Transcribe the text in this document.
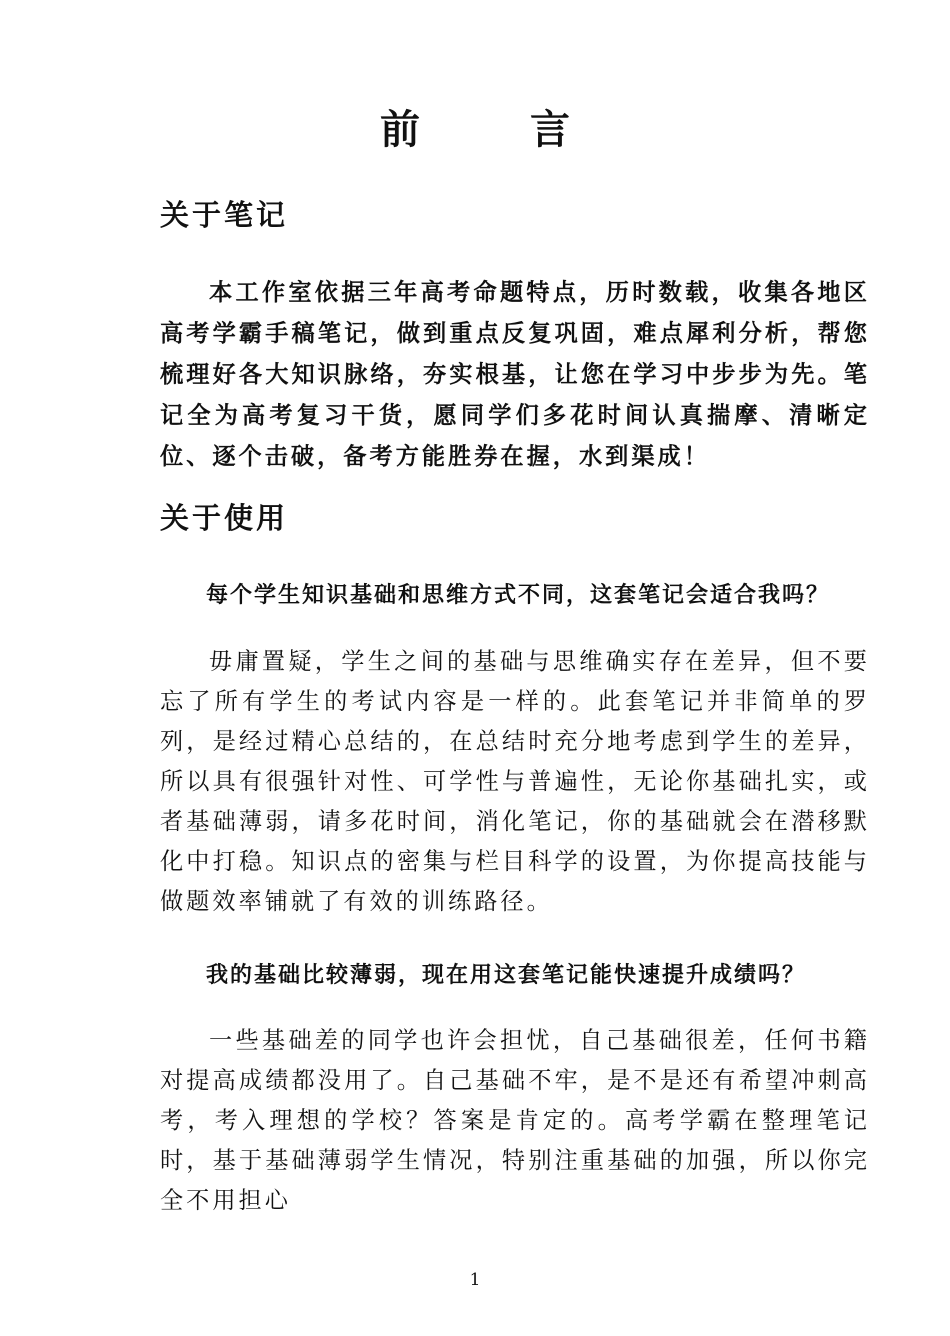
前 言
关于笔记

本工作室依据三年高考命题特点，历时数载，收集各地区高考学霸手稿笔记，做到重点反复巩固，难点犀利分析，帮您梳理好各大知识脉络，夯实根基，让您在学习中步步为先。笔记全为高考复习干货，愿同学们多花时间认真揣摩、清晰定位、逐个击破，备考方能胜券在握，水到渠成！

关于使用
每个学生知识基础和思维方式不同，这套笔记会适合我吗？

毋庸置疑，学生之间的基础与思维确实存在差异，但不要忘了所有学生的考试内容是一样的。此套笔记并非简单的罗列，是经过精心总结的，在总结时充分地考虑到学生的差异，所以具有很强针对性、可学性与普遍性，无论你基础扎实，或者基础薄弱，请多花时间，消化笔记，你的基础就会在潜移默化中打稳。知识点的密集与栏目科学的设置，为你提高技能与做题效率铺就了有效的训练路径。

我的基础比较薄弱，现在用这套笔记能快速提升成绩吗？

一些基础差的同学也许会担忧，自己基础很差，任何书籍对提高成绩都没用了。自己基础不牢，是不是还有希望冲刺高考，考入理想的学校？答案是肯定的。高考学霸在整理笔记时，基于基础薄弱学生情况，特别注重基础的加强，所以你完全不用担心

1
